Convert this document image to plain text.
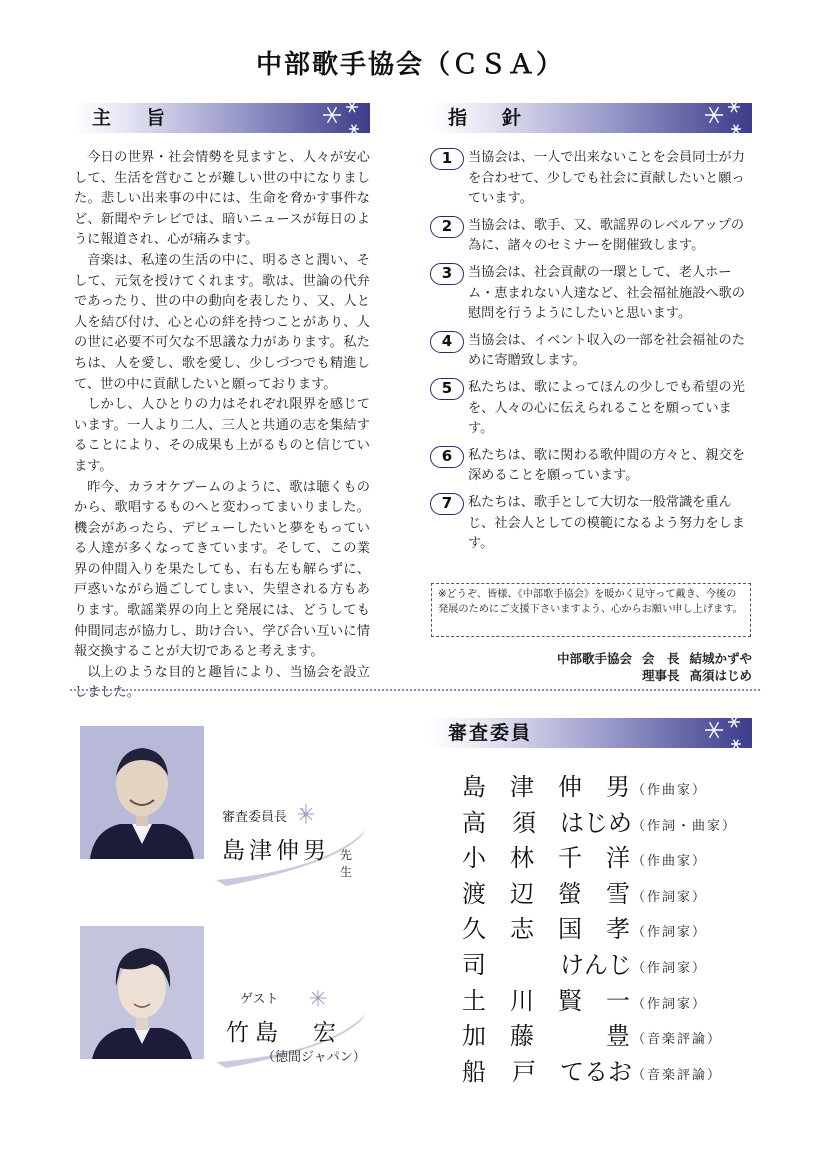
中部歌手協会（ＣＳＡ）
主　旨	指　針

今日の世界・社会情勢を見ますと、人々が安心して、生活を営むことが難しい世の中になりました。悲しい出来事の中には、生命を脅かす事件など、新聞やテレビでは、暗いニュースが毎日のように報道され、心が痛みます。

音楽は、私達の生活の中に、明るさと潤い、そして、元気を授けてくれます。歌は、世論の代弁であったり、世の中の動向を表したり、又、人と人を結び付け、心と心の絆を持つことがあり、人の世に必要不可欠な不思議な力があります。私たちは、人を愛し、歌を愛し、少しづつでも精進して、世の中に貢献したいと願っております。

しかし、人ひとりの力はそれぞれ限界を感じています。一人より二人、三人と共通の志を集結することにより、その成果も上がるものと信じています。

昨今、カラオケブームのように、歌は聴くものから、歌唱するものへと変わってまいりました。機会があったら、デビューしたいと夢をもっている人達が多くなってきています。そして、この業界の仲間入りを果たしても、右も左も解らずに、戸惑いながら過ごしてしまい、失望される方もあります。歌謡業界の向上と発展には、どうしても仲間同志が協力し、助け合い、学び合い互いに情報交換することが大切であると考えます。

以上のような目的と趣旨により、当協会を設立しました。

1	当協会は、一人で出来ないことを会員同士が力を合わせて、少しでも社会に貢献したいと願っています。
2	当協会は、歌手、又、歌謡界のレベルアップの為に、諸々のセミナーを開催致します。
3	当協会は、社会貢献の一環として、老人ホーム・恵まれない人達など、社会福祉施設へ歌の慰問を行うようにしたいと思います。
4	当協会は、イベント収入の一部を社会福祉のために寄贈致します。
5	私たちは、歌によってほんの少しでも希望の光を、人々の心に伝えられることを願っています。
6	私たちは、歌に関わる歌仲間の方々と、親交を深めることを願っています。
7	私たちは、歌手として大切な一般常識を重んじ、社会人としての模範になるよう努力をします。
※どうぞ、皆様、《中部歌手協会》を暖かく見守って戴き、今後の発展のためにご支援下さいますよう、心からお願い申し上げます。
中部歌手協会 会　長 結城かずや
理事長 高須はじめ
審査委員
審査委員長
島津伸男 先生
ゲスト
竹島　宏
（徳間ジャパン）
島 津 伸 男 （作曲家）
高 須 はじめ （作詞・曲家）
小 林 千 洋 （作曲家）
渡 辺 螢 雪 （作詞家）
久 志 国 孝 （作詞家）
司	けんじ （作詞家）
土 川 賢 一 （作詞家）
加 藤	豊 （音楽評論）
船 戸 てるお （音楽評論）
